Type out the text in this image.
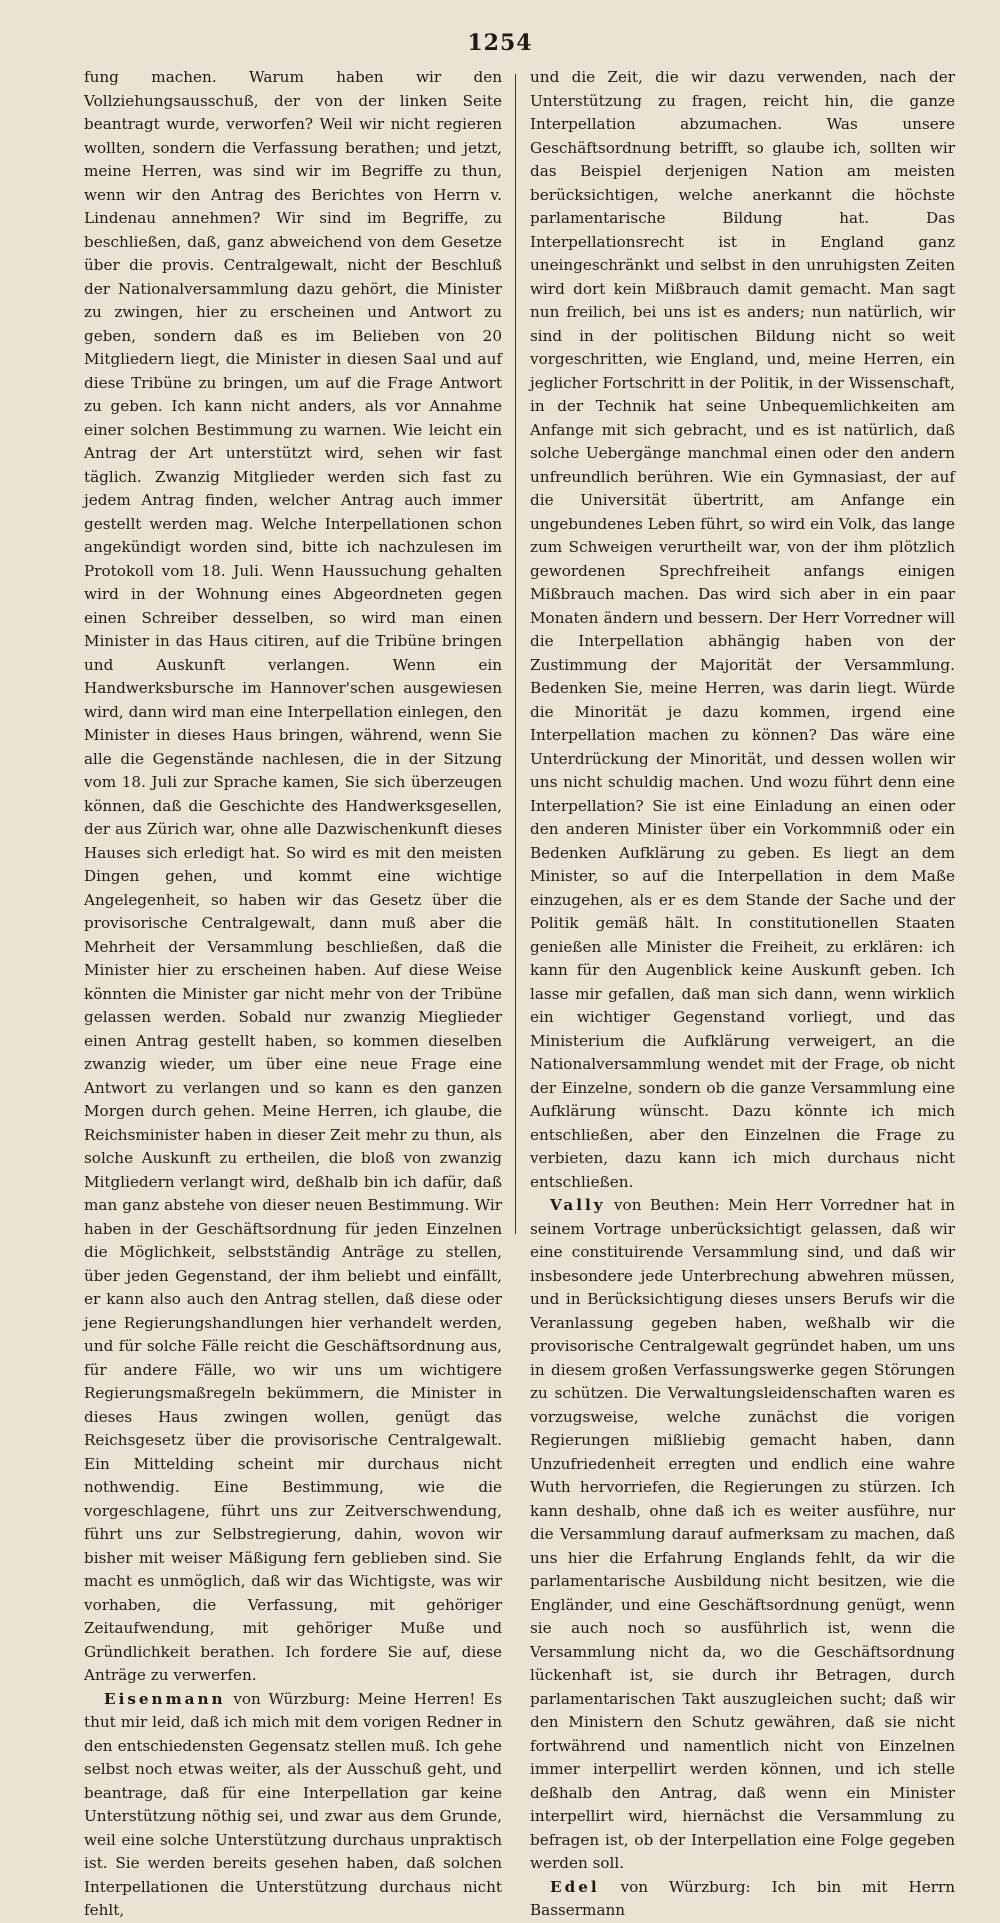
1254

fung machen. Warum haben wir den Vollziehungsausschuß, der von der linken Seite beantragt wurde, verworfen? Weil wir nicht regieren wollten, sondern die Verfassung berathen; und jetzt, meine Herren, was sind wir im Begriffe zu thun, wenn wir den Antrag des Berichtes von Herrn v. Lindenau annehmen? Wir sind im Begriffe, zu beschließen, daß, ganz abweichend von dem Gesetze über die provis. Centralgewalt, nicht der Beschluß der Nationalversammlung dazu gehört, die Minister zu zwingen, hier zu erscheinen und Antwort zu geben, sondern daß es im Belieben von 20 Mitgliedern liegt, die Minister in diesen Saal und auf diese Tribüne zu bringen, um auf die Frage Antwort zu geben. Ich kann nicht anders, als vor Annahme einer solchen Bestimmung zu warnen. Wie leicht ein Antrag der Art unterstützt wird, sehen wir fast täglich. Zwanzig Mitglieder werden sich fast zu jedem Antrag finden, welcher Antrag auch immer gestellt werden mag. Welche Interpellationen schon angekündigt worden sind, bitte ich nachzulesen im Protokoll vom 18. Juli. Wenn Haussuchung gehalten wird in der Wohnung eines Abgeordneten gegen einen Schreiber desselben, so wird man einen Minister in das Haus citiren, auf die Tribüne bringen und Auskunft verlangen. Wenn ein Handwerksbursche im Hannover'schen ausgewiesen wird, dann wird man eine Interpellation einlegen, den Minister in dieses Haus bringen, während, wenn Sie alle die Gegenstände nachlesen, die in der Sitzung vom 18. Juli zur Sprache kamen, Sie sich überzeugen können, daß die Geschichte des Handwerksgesellen, der aus Zürich war, ohne alle Dazwischenkunft dieses Hauses sich erledigt hat. So wird es mit den meisten Dingen gehen, und kommt eine wichtige Angelegenheit, so haben wir das Gesetz über die provisorische Centralgewalt, dann muß aber die Mehrheit der Versammlung beschließen, daß die Minister hier zu erscheinen haben. Auf diese Weise könnten die Minister gar nicht mehr von der Tribüne gelassen werden. Sobald nur zwanzig Mieglieder einen Antrag gestellt haben, so kommen dieselben zwanzig wieder, um über eine neue Frage eine Antwort zu verlangen und so kann es den ganzen Morgen durch gehen. Meine Herren, ich glaube, die Reichsminister haben in dieser Zeit mehr zu thun, als solche Auskunft zu ertheilen, die bloß von zwanzig Mitgliedern verlangt wird, deßhalb bin ich dafür, daß man ganz abstehe von dieser neuen Bestimmung. Wir haben in der Geschäftsordnung für jeden Einzelnen die Möglichkeit, selbstständig Anträge zu stellen, über jeden Gegenstand, der ihm beliebt und einfällt, er kann also auch den Antrag stellen, daß diese oder jene Regierungshandlungen hier verhandelt werden, und für solche Fälle reicht die Geschäftsordnung aus, für andere Fälle, wo wir uns um wichtigere Regierungsmaßregeln bekümmern, die Minister in dieses Haus zwingen wollen, genügt das Reichsgesetz über die provisorische Centralgewalt. Ein Mittelding scheint mir durchaus nicht nothwendig. Eine Bestimmung, wie die vorgeschlagene, führt uns zur Zeitverschwendung, führt uns zur Selbstregierung, dahin, wovon wir bisher mit weiser Mäßigung fern geblieben sind. Sie macht es unmöglich, daß wir das Wichtigste, was wir vorhaben, die Verfassung, mit gehöriger Zeitaufwendung, mit gehöriger Muße und Gründlichkeit berathen. Ich fordere Sie auf, diese Anträge zu verwerfen.

Eisenmann von Würzburg: Meine Herren! Es thut mir leid, daß ich mich mit dem vorigen Redner in den entschiedensten Gegensatz stellen muß. Ich gehe selbst noch etwas weiter, als der Ausschuß geht, und beantrage, daß für eine Interpellation gar keine Unterstützung nöthig sei, und zwar aus dem Grunde, weil eine solche Unterstützung durchaus unpraktisch ist. Sie werden bereits gesehen haben, daß solchen Interpellationen die Unterstützung durchaus nicht fehlt,

und die Zeit, die wir dazu verwenden, nach der Unterstützung zu fragen, reicht hin, die ganze Interpellation abzumachen. Was unsere Geschäftsordnung betrifft, so glaube ich, sollten wir das Beispiel derjenigen Nation am meisten berücksichtigen, welche anerkannt die höchste parlamentarische Bildung hat. Das Interpellationsrecht ist in England ganz uneingeschränkt und selbst in den unruhigsten Zeiten wird dort kein Mißbrauch damit gemacht. Man sagt nun freilich, bei uns ist es anders; nun natürlich, wir sind in der politischen Bildung nicht so weit vorgeschritten, wie England, und, meine Herren, ein jeglicher Fortschritt in der Politik, in der Wissenschaft, in der Technik hat seine Unbequemlichkeiten am Anfange mit sich gebracht, und es ist natürlich, daß solche Uebergänge manchmal einen oder den andern unfreundlich berühren. Wie ein Gymnasiast, der auf die Universität übertritt, am Anfange ein ungebundenes Leben führt, so wird ein Volk, das lange zum Schweigen verurtheilt war, von der ihm plötzlich gewordenen Sprechfreiheit anfangs einigen Mißbrauch machen. Das wird sich aber in ein paar Monaten ändern und bessern. Der Herr Vorredner will die Interpellation abhängig haben von der Zustimmung der Majorität der Versammlung. Bedenken Sie, meine Herren, was darin liegt. Würde die Minorität je dazu kommen, irgend eine Interpellation machen zu können? Das wäre eine Unterdrückung der Minorität, und dessen wollen wir uns nicht schuldig machen. Und wozu führt denn eine Interpellation? Sie ist eine Einladung an einen oder den anderen Minister über ein Vorkommniß oder ein Bedenken Aufklärung zu geben. Es liegt an dem Minister, so auf die Interpellation in dem Maße einzugehen, als er es dem Stande der Sache und der Politik gemäß hält. In constitutionellen Staaten genießen alle Minister die Freiheit, zu erklären: ich kann für den Augenblick keine Auskunft geben. Ich lasse mir gefallen, daß man sich dann, wenn wirklich ein wichtiger Gegenstand vorliegt, und das Ministerium die Aufklärung verweigert, an die Nationalversammlung wendet mit der Frage, ob nicht der Einzelne, sondern ob die ganze Versammlung eine Aufklärung wünscht. Dazu könnte ich mich entschließen, aber den Einzelnen die Frage zu verbieten, dazu kann ich mich durchaus nicht entschließen.

Vally von Beuthen: Mein Herr Vorredner hat in seinem Vortrage unberücksichtigt gelassen, daß wir eine constituirende Versammlung sind, und daß wir insbesondere jede Unterbrechung abwehren müssen, und in Berücksichtigung dieses unsers Berufs wir die Veranlassung gegeben haben, weßhalb wir die provisorische Centralgewalt gegründet haben, um uns in diesem großen Verfassungswerke gegen Störungen zu schützen. Die Verwaltungsleidenschaften waren es vorzugsweise, welche zunächst die vorigen Regierungen mißliebig gemacht haben, dann Unzufriedenheit erregten und endlich eine wahre Wuth hervorriefen, die Regierungen zu stürzen. Ich kann deshalb, ohne daß ich es weiter ausführe, nur die Versammlung darauf aufmerksam zu machen, daß uns hier die Erfahrung Englands fehlt, da wir die parlamentarische Ausbildung nicht besitzen, wie die Engländer, und eine Geschäftsordnung genügt, wenn sie auch noch so ausführlich ist, wenn die Versammlung nicht da, wo die Geschäftsordnung lückenhaft ist, sie durch ihr Betragen, durch parlamentarischen Takt auszugleichen sucht; daß wir den Ministern den Schutz gewähren, daß sie nicht fortwährend und namentlich nicht von Einzelnen immer interpellirt werden können, und ich stelle deßhalb den Antrag, daß wenn ein Minister interpellirt wird, hiernächst die Versammlung zu befragen ist, ob der Interpellation eine Folge gegeben werden soll.

Edel von Würzburg: Ich bin mit Herrn Bassermann
